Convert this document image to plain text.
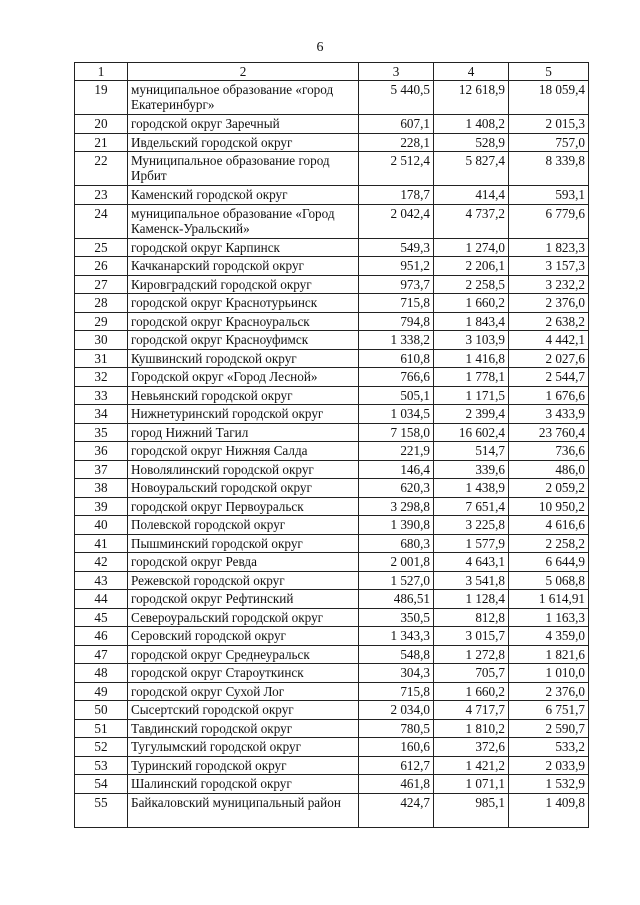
6
1	2	3	4	5
19	муниципальное образование «город Екатеринбург»	5 440,5	12 618,9	18 059,4
20	городской округ Заречный	607,1	1 408,2	2 015,3
21	Ивдельский городской округ	228,1	528,9	757,0
22	Муниципальное образование город Ирбит	2 512,4	5 827,4	8 339,8
23	Каменский городской округ	178,7	414,4	593,1
24	муниципальное образование «Город Каменск-Уральский»	2 042,4	4 737,2	6 779,6
25	городской округ Карпинск	549,3	1 274,0	1 823,3
26	Качканарский городской округ	951,2	2 206,1	3 157,3
27	Кировградский городской округ	973,7	2 258,5	3 232,2
28	городской округ Краснотурьинск	715,8	1 660,2	2 376,0
29	городской округ Красноуральск	794,8	1 843,4	2 638,2
30	городской округ Красноуфимск	1 338,2	3 103,9	4 442,1
31	Кушвинский городской округ	610,8	1 416,8	2 027,6
32	Городской округ «Город Лесной»	766,6	1 778,1	2 544,7
33	Невьянский городской округ	505,1	1 171,5	1 676,6
34	Нижнетуринский городской округ	1 034,5	2 399,4	3 433,9
35	город Нижний Тагил	7 158,0	16 602,4	23 760,4
36	городской округ Нижняя Салда	221,9	514,7	736,6
37	Новолялинский городской округ	146,4	339,6	486,0
38	Новоуральский городской округ	620,3	1 438,9	2 059,2
39	городской округ Первоуральск	3 298,8	7 651,4	10 950,2
40	Полевской городской округ	1 390,8	3 225,8	4 616,6
41	Пышминский городской округ	680,3	1 577,9	2 258,2
42	городской округ Ревда	2 001,8	4 643,1	6 644,9
43	Режевской городской округ	1 527,0	3 541,8	5 068,8
44	городской округ Рефтинский	486,51	1 128,4	1 614,91
45	Североуральский городской округ	350,5	812,8	1 163,3
46	Серовский городской округ	1 343,3	3 015,7	4 359,0
47	городской округ Среднеуральск	548,8	1 272,8	1 821,6
48	городской округ Староуткинск	304,3	705,7	1 010,0
49	городской округ Сухой Лог	715,8	1 660,2	2 376,0
50	Сысертский городской округ	2 034,0	4 717,7	6 751,7
51	Тавдинский городской округ	780,5	1 810,2	2 590,7
52	Тугулымский городской округ	160,6	372,6	533,2
53	Туринский городской округ	612,7	1 421,2	2 033,9
54	Шалинский городской округ	461,8	1 071,1	1 532,9
55	Байкаловский муниципальный район	424,7	985,1	1 409,8
